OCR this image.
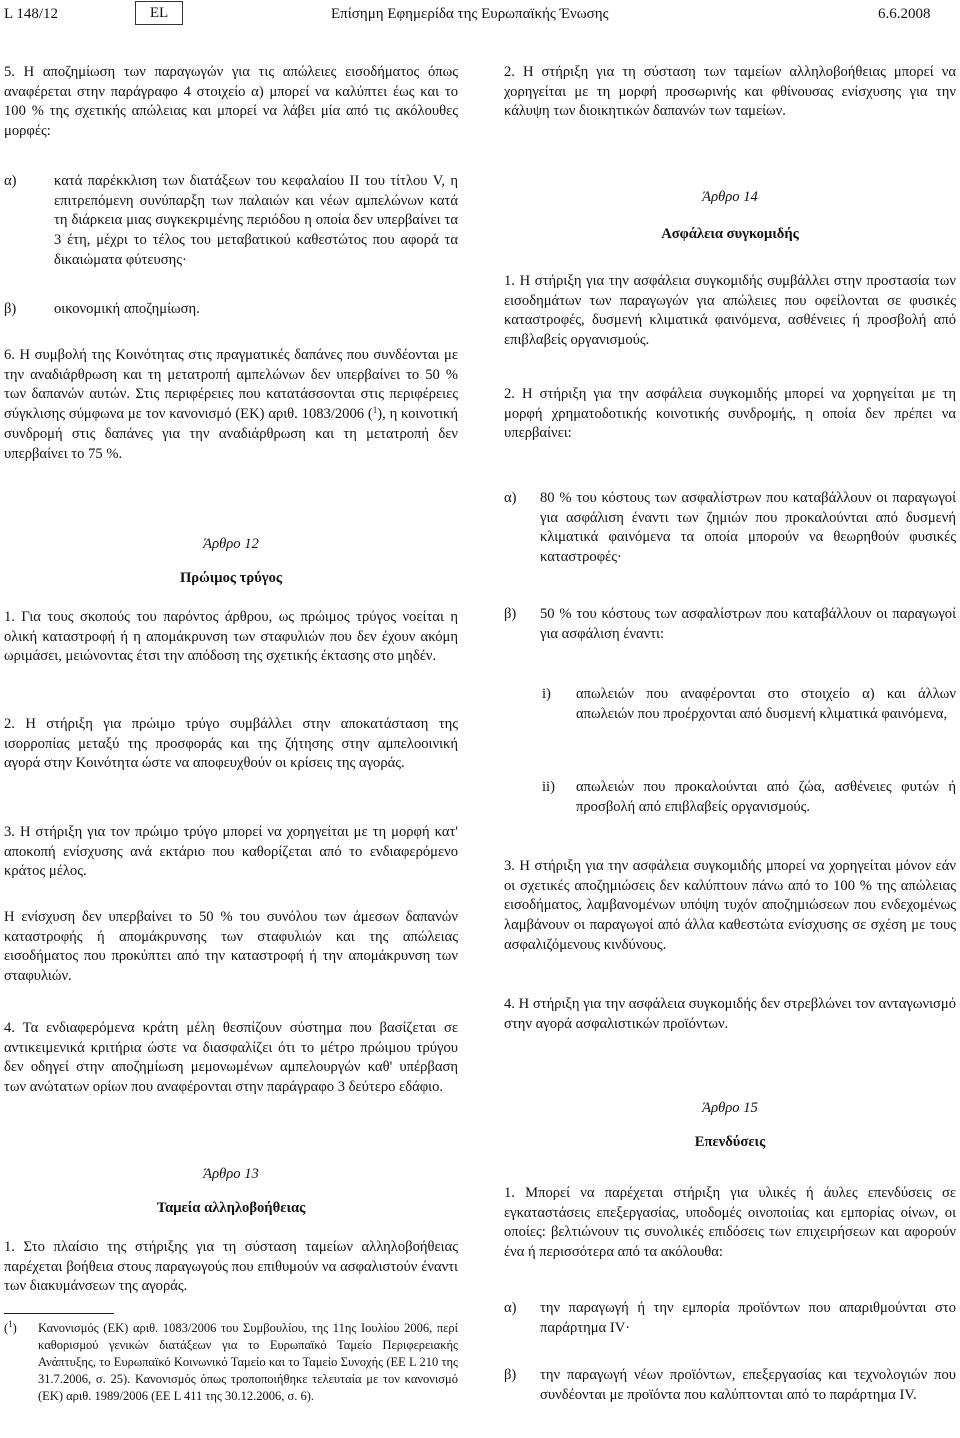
L 148/12	EL	Επίσημη Εφημερίδα της Ευρωπαϊκής Ένωσης	6.6.2008

5. Η αποζημίωση των παραγωγών για τις απώλειες εισοδήματος όπως αναφέρεται στην παράγραφο 4 στοιχείο α) μπορεί να καλύπτει έως και το 100 % της σχετικής απώλειας και μπορεί να λάβει μία από τις ακόλουθες μορφές:

α)	κατά παρέκκλιση των διατάξεων του κεφαλαίου II του τίτλου V, η επιτρεπόμενη συνύπαρξη των παλαιών και νέων αμπελώνων κατά τη διάρκεια μιας συγκεκριμένης περιόδου η οποία δεν υπερβαίνει τα 3 έτη, μέχρι το τέλος του μεταβατικού καθεστώτος που αφορά τα δικαιώματα φύτευσης·

β)	οικονομική αποζημίωση.

6. Η συμβολή της Κοινότητας στις πραγματικές δαπάνες που συνδέονται με την αναδιάρθρωση και τη μετατροπή αμπελώνων δεν υπερβαίνει το 50 % των δαπανών αυτών. Στις περιφέρειες που κατατάσσονται στις περιφέρειες σύγκλισης σύμφωνα με τον κανονισμό (ΕΚ) αριθ. 1083/2006 ($^1$), η κοινοτική συνδρομή στις δαπάνες για την αναδιάρθρωση και τη μετατροπή δεν υπερβαίνει το 75 %.

Άρθρο 12

Πρώιμος τρύγος

1. Για τους σκοπούς του παρόντος άρθρου, ως πρώιμος τρύγος νοείται η ολική καταστροφή ή η απομάκρυνση των σταφυλιών που δεν έχουν ακόμη ωριμάσει, μειώνοντας έτσι την απόδοση της σχετικής έκτασης στο μηδέν.

2. Η στήριξη για πρώιμο τρύγο συμβάλλει στην αποκατάσταση της ισορροπίας μεταξύ της προσφοράς και της ζήτησης στην αμπελοοινική αγορά στην Κοινότητα ώστε να αποφευχθούν οι κρίσεις της αγοράς.

3. Η στήριξη για τον πρώιμο τρύγο μπορεί να χορηγείται με τη μορφή κατ' αποκοπή ενίσχυσης ανά εκτάριο που καθορίζεται από το ενδιαφερόμενο κράτος μέλος.

Η ενίσχυση δεν υπερβαίνει το 50 % του συνόλου των άμεσων δαπανών καταστροφής ή απομάκρυνσης των σταφυλιών και της απώλειας εισοδήματος που προκύπτει από την καταστροφή ή την απομάκρυνση των σταφυλιών.

4. Τα ενδιαφερόμενα κράτη μέλη θεσπίζουν σύστημα που βασίζεται σε αντικειμενικά κριτήρια ώστε να διασφαλίζει ότι το μέτρο πρώιμου τρύγου δεν οδηγεί στην αποζημίωση μεμονωμένων αμπελουργών καθ' υπέρβαση των ανώτατων ορίων που αναφέρονται στην παράγραφο 3 δεύτερο εδάφιο.

Άρθρο 13

Ταμεία αλληλοβοήθειας

1. Στο πλαίσιο της στήριξης για τη σύσταση ταμείων αλληλοβοήθειας παρέχεται βοήθεια στους παραγωγούς που επιθυμούν να ασφαλιστούν έναντι των διακυμάνσεων της αγοράς.

($^1$) Κανονισμός (ΕΚ) αριθ. 1083/2006 του Συμβουλίου, της 11ης Ιουλίου 2006, περί καθορισμού γενικών διατάξεων για το Ευρωπαϊκό Ταμείο Περιφερειακής Ανάπτυξης, το Ευρωπαϊκό Κοινωνικό Ταμείο και το Ταμείο Συνοχής (ΕΕ L 210 της 31.7.2006, σ. 25). Κανονισμός όπως τροποποιήθηκε τελευταία με τον κανονισμό (ΕΚ) αριθ. 1989/2006 (ΕΕ L 411 της 30.12.2006, σ. 6).

2. Η στήριξη για τη σύσταση των ταμείων αλληλοβοήθειας μπορεί να χορηγείται με τη μορφή προσωρινής και φθίνουσας ενίσχυσης για την κάλυψη των διοικητικών δαπανών των ταμείων.

Άρθρο 14

Ασφάλεια συγκομιδής

1. Η στήριξη για την ασφάλεια συγκομιδής συμβάλλει στην προστασία των εισοδημάτων των παραγωγών για απώλειες που οφείλονται σε φυσικές καταστροφές, δυσμενή κλιματικά φαινόμενα, ασθένειες ή προσβολή από επιβλαβείς οργανισμούς.

2. Η στήριξη για την ασφάλεια συγκομιδής μπορεί να χορηγείται με τη μορφή χρηματοδοτικής κοινοτικής συνδρομής, η οποία δεν πρέπει να υπερβαίνει:

α) 80 % του κόστους των ασφαλίστρων που καταβάλλουν οι παραγωγοί για ασφάλιση έναντι των ζημιών που προκαλούνται από δυσμενή κλιματικά φαινόμενα τα οποία μπορούν να θεωρηθούν φυσικές καταστροφές·

β) 50 % του κόστους των ασφαλίστρων που καταβάλλουν οι παραγωγοί για ασφάλιση έναντι:

i) απωλειών που αναφέρονται στο στοιχείο α) και άλλων απωλειών που προέρχονται από δυσμενή κλιματικά φαινόμενα,

ii) απωλειών που προκαλούνται από ζώα, ασθένειες φυτών ή προσβολή από επιβλαβείς οργανισμούς.

3. Η στήριξη για την ασφάλεια συγκομιδής μπορεί να χορηγείται μόνον εάν οι σχετικές αποζημιώσεις δεν καλύπτουν πάνω από το 100 % της απώλειας εισοδήματος, λαμβανομένων υπόψη τυχόν αποζημιώσεων που ενδεχομένως λαμβάνουν οι παραγωγοί από άλλα καθεστώτα ενίσχυσης σε σχέση με τους ασφαλιζόμενους κινδύνους.

4. Η στήριξη για την ασφάλεια συγκομιδής δεν στρεβλώνει τον ανταγωνισμό στην αγορά ασφαλιστικών προϊόντων.

Άρθρο 15

Επενδύσεις

1. Μπορεί να παρέχεται στήριξη για υλικές ή άυλες επενδύσεις σε εγκαταστάσεις επεξεργασίας, υποδομές οινοποιίας και εμπορίας οίνων, οι οποίες: βελτιώνουν τις συνολικές επιδόσεις των επιχειρήσεων και αφορούν ένα ή περισσότερα από τα ακόλουθα:

α) την παραγωγή ή την εμπορία προϊόντων που απαριθμούνται στο παράρτημα IV·

β) την παραγωγή νέων προϊόντων, επεξεργασίας και τεχνολογιών που συνδέονται με προϊόντα που καλύπτονται από το παράρτημα IV.
